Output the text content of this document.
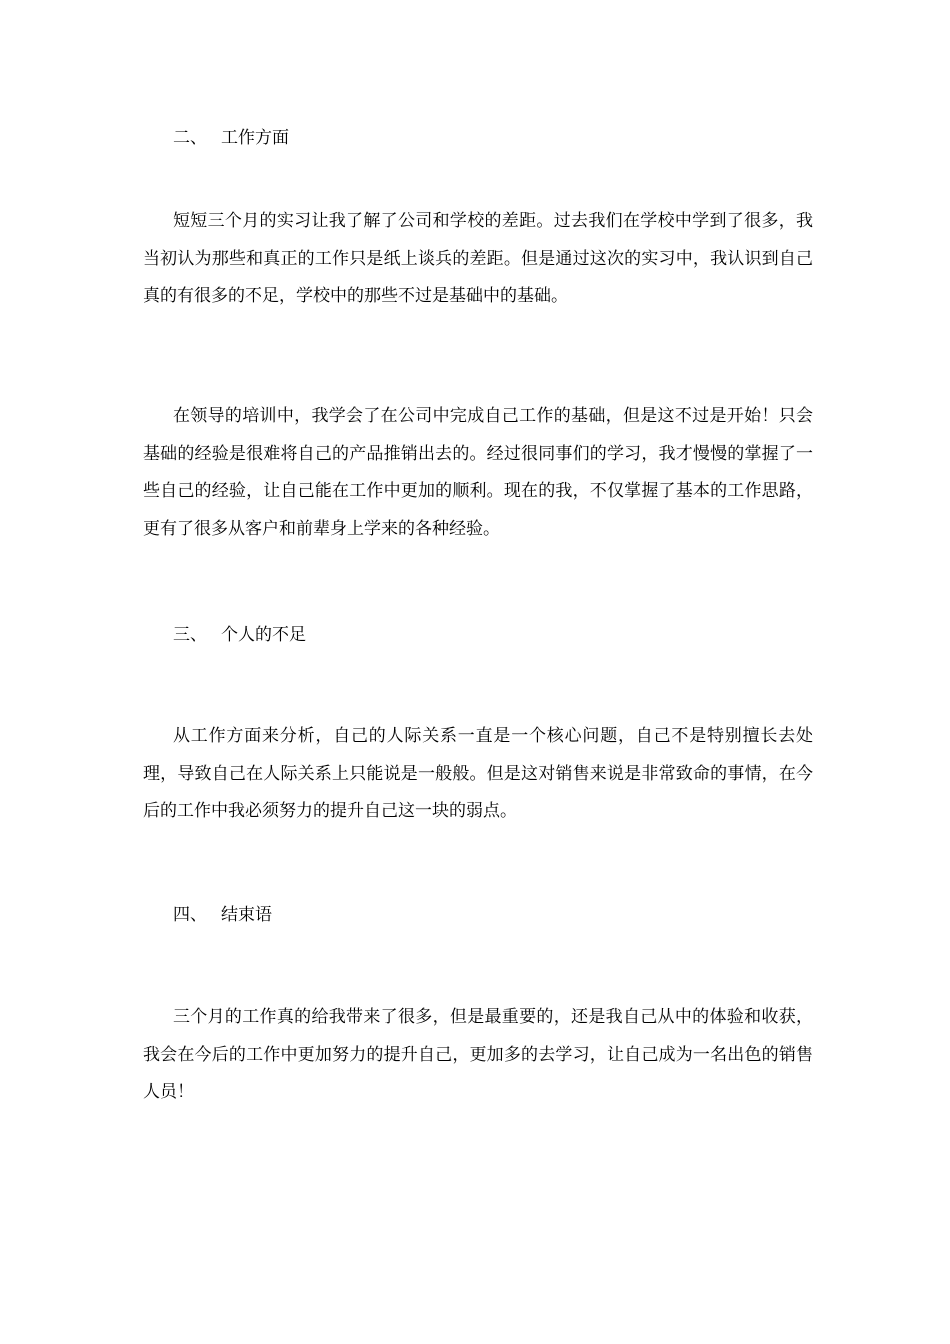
二、 工作方面

短短三个月的实习让我了解了公司和学校的差距。过去我们在学校中学到了很多，我当初认为那些和真正的工作只是纸上谈兵的差距。但是通过这次的实习中，我认识到自己真的有很多的不足，学校中的那些不过是基础中的基础。

在领导的培训中，我学会了在公司中完成自己工作的基础，但是这不过是开始！只会基础的经验是很难将自己的产品推销出去的。经过很同事们的学习，我才慢慢的掌握了一些自己的经验，让自己能在工作中更加的顺利。现在的我，不仅掌握了基本的工作思路，更有了很多从客户和前辈身上学来的各种经验。

三、 个人的不足

从工作方面来分析，自己的人际关系一直是一个核心问题，自己不是特别擅长去处理，导致自己在人际关系上只能说是一般般。但是这对销售来说是非常致命的事情，在今后的工作中我必须努力的提升自己这一块的弱点。

四、 结束语

三个月的工作真的给我带来了很多，但是最重要的，还是我自己从中的体验和收获，我会在今后的工作中更加努力的提升自己，更加多的去学习，让自己成为一名出色的销售人员！
